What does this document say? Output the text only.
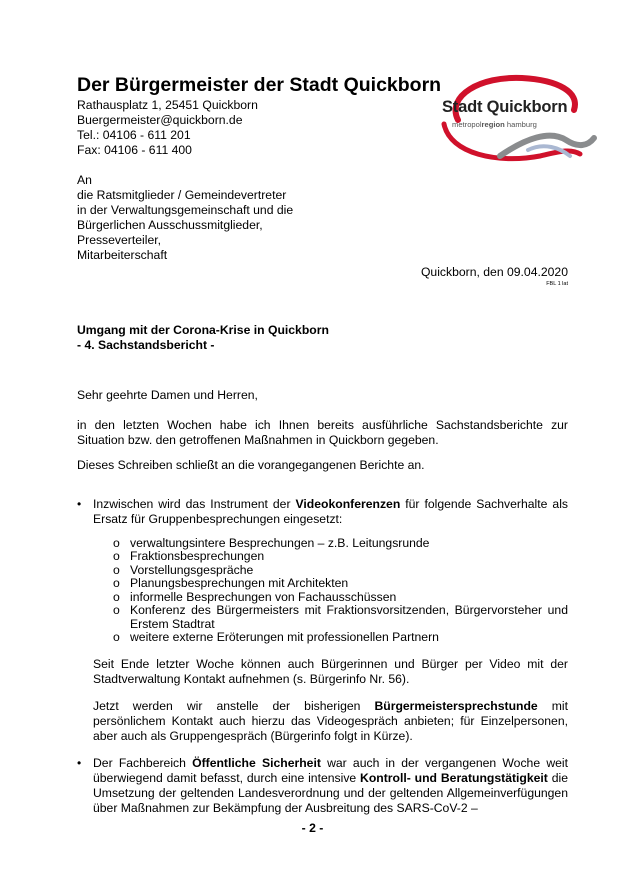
Der Bürgermeister der Stadt Quickborn
Rathausplatz 1, 25451 Quickborn
Buergermeister@quickborn.de
Tel.: 04106 - 611 201
Fax: 04106 - 611 400
Stadt Quickborn
metropolregion hamburg
An
die Ratsmitglieder / Gemeindevertreter
in der Verwaltungsgemeinschaft und die
Bürgerlichen Ausschussmitglieder,
Presseverteiler,
Mitarbeiterschaft
Quickborn, den 09.04.2020
FBL 1 lat
Umgang mit der Corona-Krise in Quickborn
- 4. Sachstandsbericht -
Sehr geehrte Damen und Herren,
in den letzten Wochen habe ich Ihnen bereits ausführliche Sachstandsberichte zur Situation bzw. den getroffenen Maßnahmen in Quickborn gegeben.
Dieses Schreiben schließt an die vorangegangenen Berichte an.
• Inzwischen wird das Instrument der Videokonferenzen für folgende Sachverhalte als Ersatz für Gruppenbesprechungen eingesetzt:
o verwaltungsintere Besprechungen – z.B. Leitungsrunde
o Fraktionsbesprechungen
o Vorstellungsgespräche
o Planungsbesprechungen mit Architekten
o informelle Besprechungen von Fachausschüssen
o Konferenz des Bürgermeisters mit Fraktionsvorsitzenden, Bürgervorsteher und Erstem Stadtrat
o weitere externe Eröterungen mit professionellen Partnern
Seit Ende letzter Woche können auch Bürgerinnen und Bürger per Video mit der Stadtverwaltung Kontakt aufnehmen (s. Bürgerinfo Nr. 56).
Jetzt werden wir anstelle der bisherigen Bürgermeistersprechstunde mit persönlichem Kontakt auch hierzu das Videogespräch anbieten; für Einzelpersonen, aber auch als Gruppengespräch (Bürgerinfo folgt in Kürze).
• Der Fachbereich Öffentliche Sicherheit war auch in der vergangenen Woche weit überwiegend damit befasst, durch eine intensive Kontroll- und Beratungstätigkeit die Umsetzung der geltenden Landesverordnung und der geltenden Allgemeinverfügungen über Maßnahmen zur Bekämpfung der Ausbreitung des SARS-CoV-2 –
- 2 -
